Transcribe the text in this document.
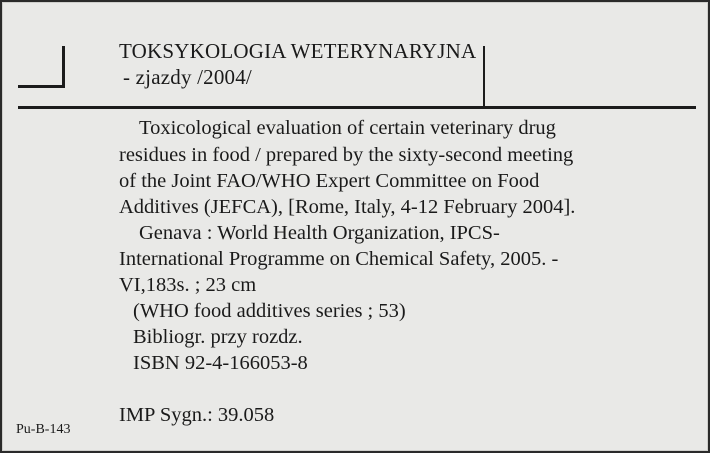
TOKSYKOLOGIA WETERYNARYJNA
- zjazdy /2004/
Toxicological evaluation of certain veterinary drug
residues in food / prepared by the sixty-second meeting
of the Joint FAO/WHO Expert Committee on Food
Additives (JEFCA), [Rome, Italy, 4-12 February 2004].
Genava : World Health Organization, IPCS-
International Programme on Chemical Safety, 2005. -
VI,183s. ; 23 cm
(WHO food additives series ; 53)
Bibliogr. przy rozdz.
ISBN 92-4-166053-8
IMP Sygn.: 39.058
Pu-B-143
